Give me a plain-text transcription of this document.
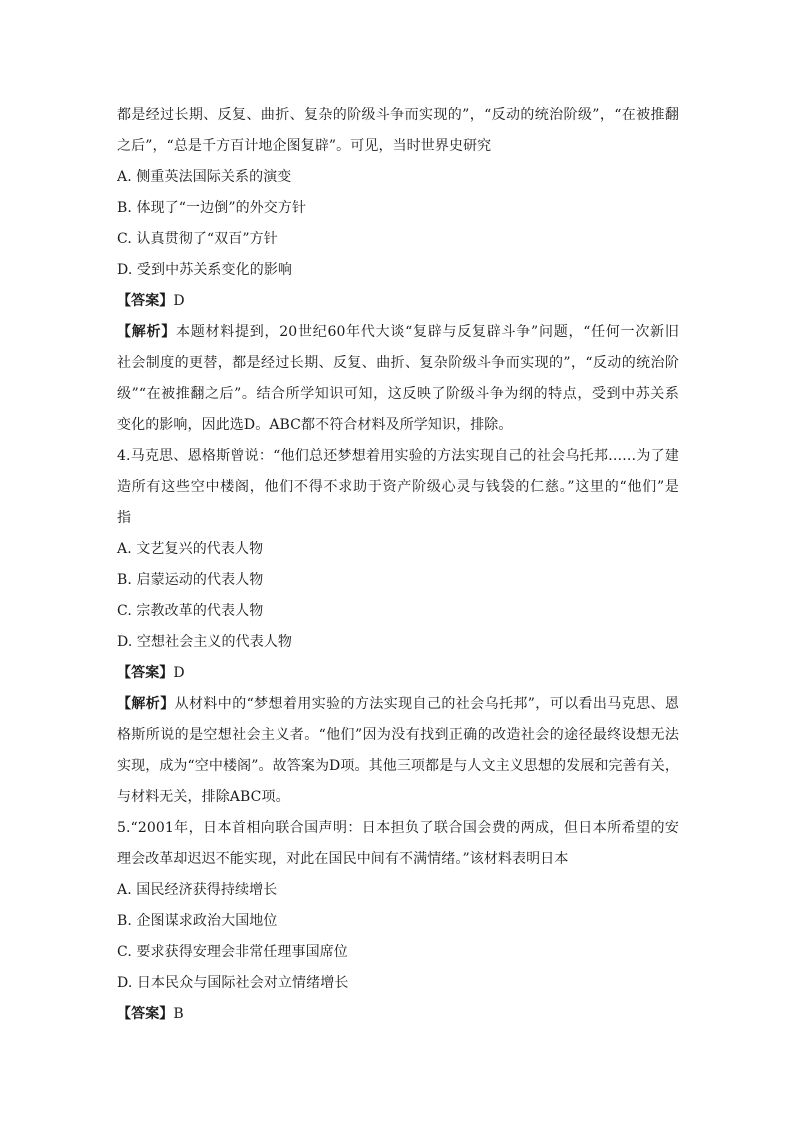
都是经过长期、反复、曲折、复杂的阶级斗争而实现的”，“反动的统治阶级”，“在被推翻
之后”，“总是千方百计地企图复辟”。可见，当时世界史研究
A. 侧重英法国际关系的演变
B. 体现了“一边倒”的外交方针
C. 认真贯彻了“双百”方针
D. 受到中苏关系变化的影响
【答案】D
【解析】本题材料提到，20世纪60年代大谈“复辟与反复辟斗争”问题，“任何一次新旧
社会制度的更替，都是经过长期、反复、曲折、复杂阶级斗争而实现的”，“反动的统治阶
级”“在被推翻之后”。结合所学知识可知，这反映了阶级斗争为纲的特点，受到中苏关系
变化的影响，因此选D。ABC都不符合材料及所学知识，排除。
4.马克思、恩格斯曾说：“他们总还梦想着用实验的方法实现自己的社会乌托邦……为了建
造所有这些空中楼阁，他们不得不求助于资产阶级心灵与钱袋的仁慈。”这里的“他们”是
指
A. 文艺复兴的代表人物
B. 启蒙运动的代表人物
C. 宗教改革的代表人物
D. 空想社会主义的代表人物
【答案】D
【解析】从材料中的“梦想着用实验的方法实现自己的社会乌托邦”，可以看出马克思、恩
格斯所说的是空想社会主义者。“他们”因为没有找到正确的改造社会的途径最终设想无法
实现，成为“空中楼阁”。故答案为D项。其他三项都是与人文主义思想的发展和完善有关，
与材料无关，排除ABC项。
5.“2001年，日本首相向联合国声明：日本担负了联合国会费的两成，但日本所希望的安
理会改革却迟迟不能实现，对此在国民中间有不满情绪。”该材料表明日本
A. 国民经济获得持续增长
B. 企图谋求政治大国地位
C. 要求获得安理会非常任理事国席位
D. 日本民众与国际社会对立情绪增长
【答案】B
